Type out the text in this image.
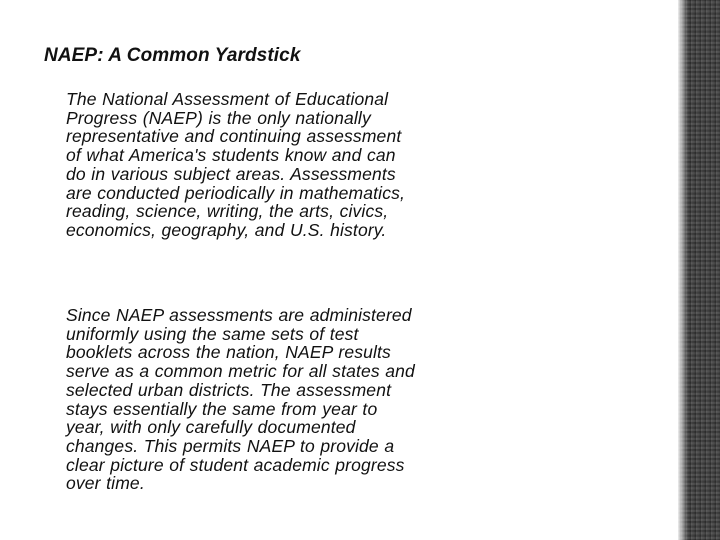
NAEP: A Common Yardstick

The National Assessment of Educational Progress (NAEP) is the only nationally representative and continuing assessment of what America's students know and can do in various subject areas. Assessments are conducted periodically in mathematics, reading, science, writing, the arts, civics, economics, geography, and U.S. history.

Since NAEP assessments are administered uniformly using the same sets of test booklets across the nation, NAEP results serve as a common metric for all states and selected urban districts. The assessment stays essentially the same from year to year, with only carefully documented changes. This permits NAEP to provide a clear picture of student academic progress over time.
